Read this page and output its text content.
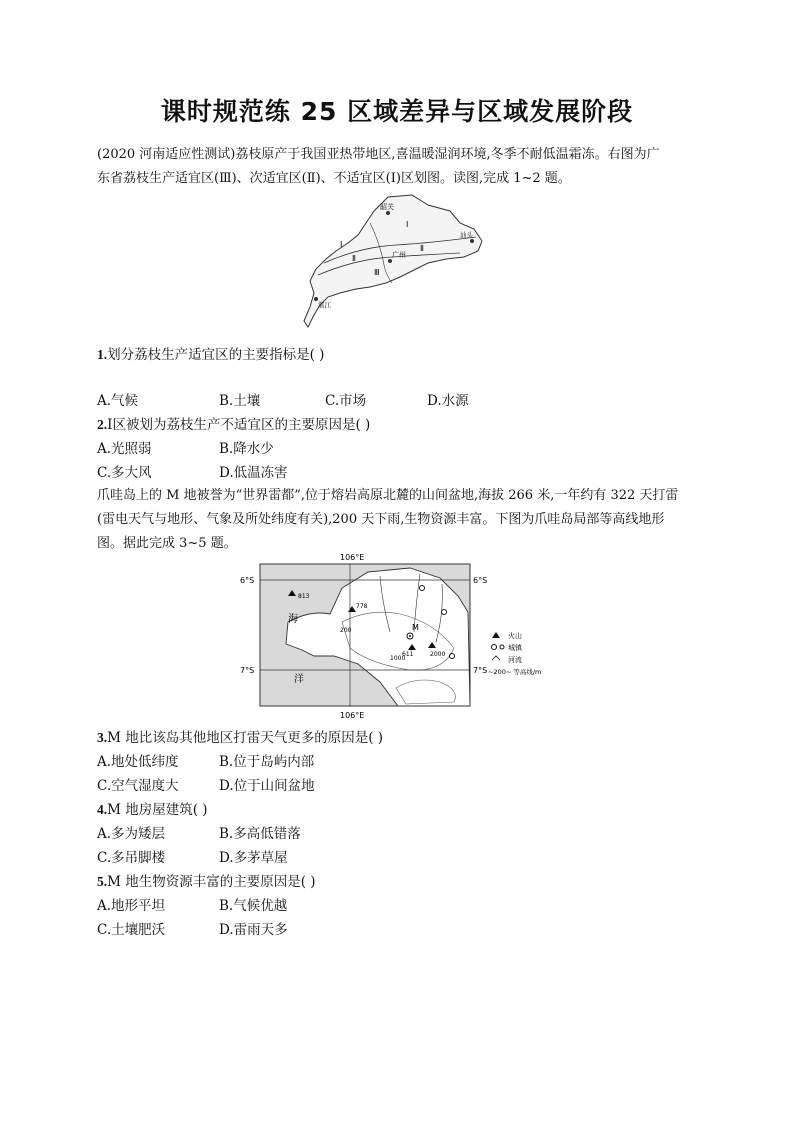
课时规范练 25 区域差异与区域发展阶段
(2020 河南适应性测试)荔枝原产于我国亚热带地区,喜温暖湿润环境,冬季不耐低温霜冻。右图为广
东省荔枝生产适宜区(Ⅲ)、次适宜区(Ⅱ)、不适宜区(Ⅰ)区划图。读图,完成 1~2 题。
韶关
Ⅰ
汕头
Ⅱ
广州
Ⅲ
湛江
Ⅰ
Ⅱ
1.划分荔枝生产适宜区的主要指标是( )
A.气候	B.土壤	C.市场	D.水源
2.Ⅰ区被划为荔枝生产不适宜区的主要原因是( )
A.光照弱	B.降水少
C.多大风	D.低温冻害
爪哇岛上的 M 地被誉为“世界雷都”,位于熔岩高原北麓的山间盆地,海拔 266 米,一年约有 322 天打雷
(雷电天气与地形、气象及所处纬度有关),200 天下雨,生物资源丰富。下图为爪哇岛局部等高线地形
图。据此完成 3~5 题。
106°E
106°E
6°S	6°S
7°S	7°S
海
洋
813
778
200
1000
M
611	2000
火山
城镇
河流
~200~ 等高线/m
3.M 地比该岛其他地区打雷天气更多的原因是( )
A.地处低纬度	B.位于岛屿内部
C.空气湿度大	D.位于山间盆地
4.M 地房屋建筑( )
A.多为矮层	B.多高低错落
C.多吊脚楼	D.多茅草屋
5.M 地生物资源丰富的主要原因是( )
A.地形平坦	B.气候优越
C.土壤肥沃	D.雷雨天多
